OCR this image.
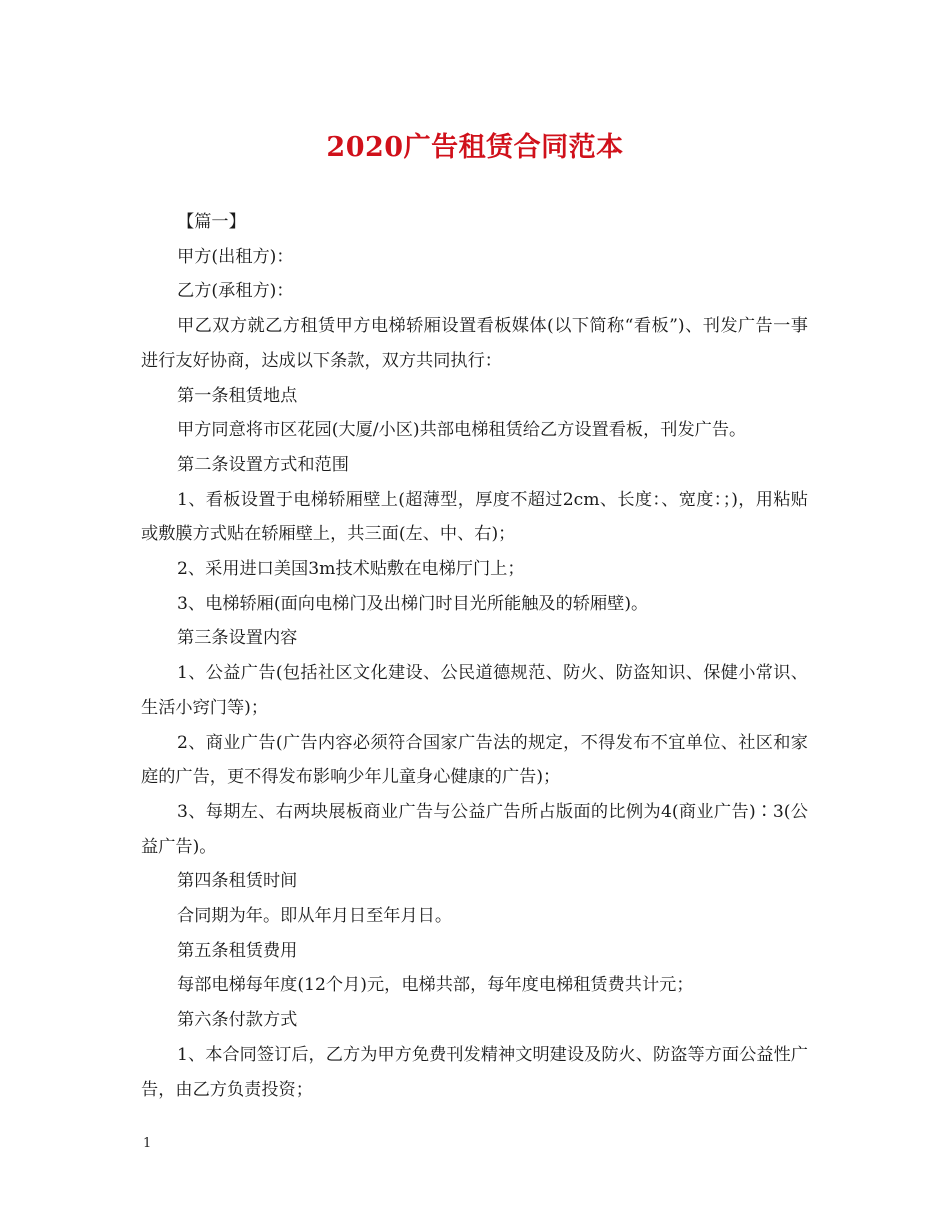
2020广告租赁合同范本

【篇一】

甲方(出租方)：

乙方(承租方)：

甲乙双方就乙方租赁甲方电梯轿厢设置看板媒体(以下简称“看板”)、刊发广告一事进行友好协商，达成以下条款，双方共同执行：

第一条租赁地点

甲方同意将市区花园(大厦/小区)共部电梯租赁给乙方设置看板，刊发广告。

第二条设置方式和范围

1、看板设置于电梯轿厢壁上(超薄型，厚度不超过2cm、长度：、宽度：；)，用粘贴或敷膜方式贴在轿厢壁上，共三面(左、中、右)；

2、采用进口美国3m技术贴敷在电梯厅门上；

3、电梯轿厢(面向电梯门及出梯门时目光所能触及的轿厢壁)。

第三条设置内容

1、公益广告(包括社区文化建设、公民道德规范、防火、防盗知识、保健小常识、生活小窍门等)；

2、商业广告(广告内容必须符合国家广告法的规定，不得发布不宜单位、社区和家庭的广告，更不得发布影响少年儿童身心健康的广告)；

3、每期左、右两块展板商业广告与公益广告所占版面的比例为4(商业广告)∶3(公益广告)。

第四条租赁时间

合同期为年。即从年月日至年月日。

第五条租赁费用

每部电梯每年度(12个月)元，电梯共部，每年度电梯租赁费共计元；

第六条付款方式

1、本合同签订后，乙方为甲方免费刊发精神文明建设及防火、防盗等方面公益性广告，由乙方负责投资；

1
